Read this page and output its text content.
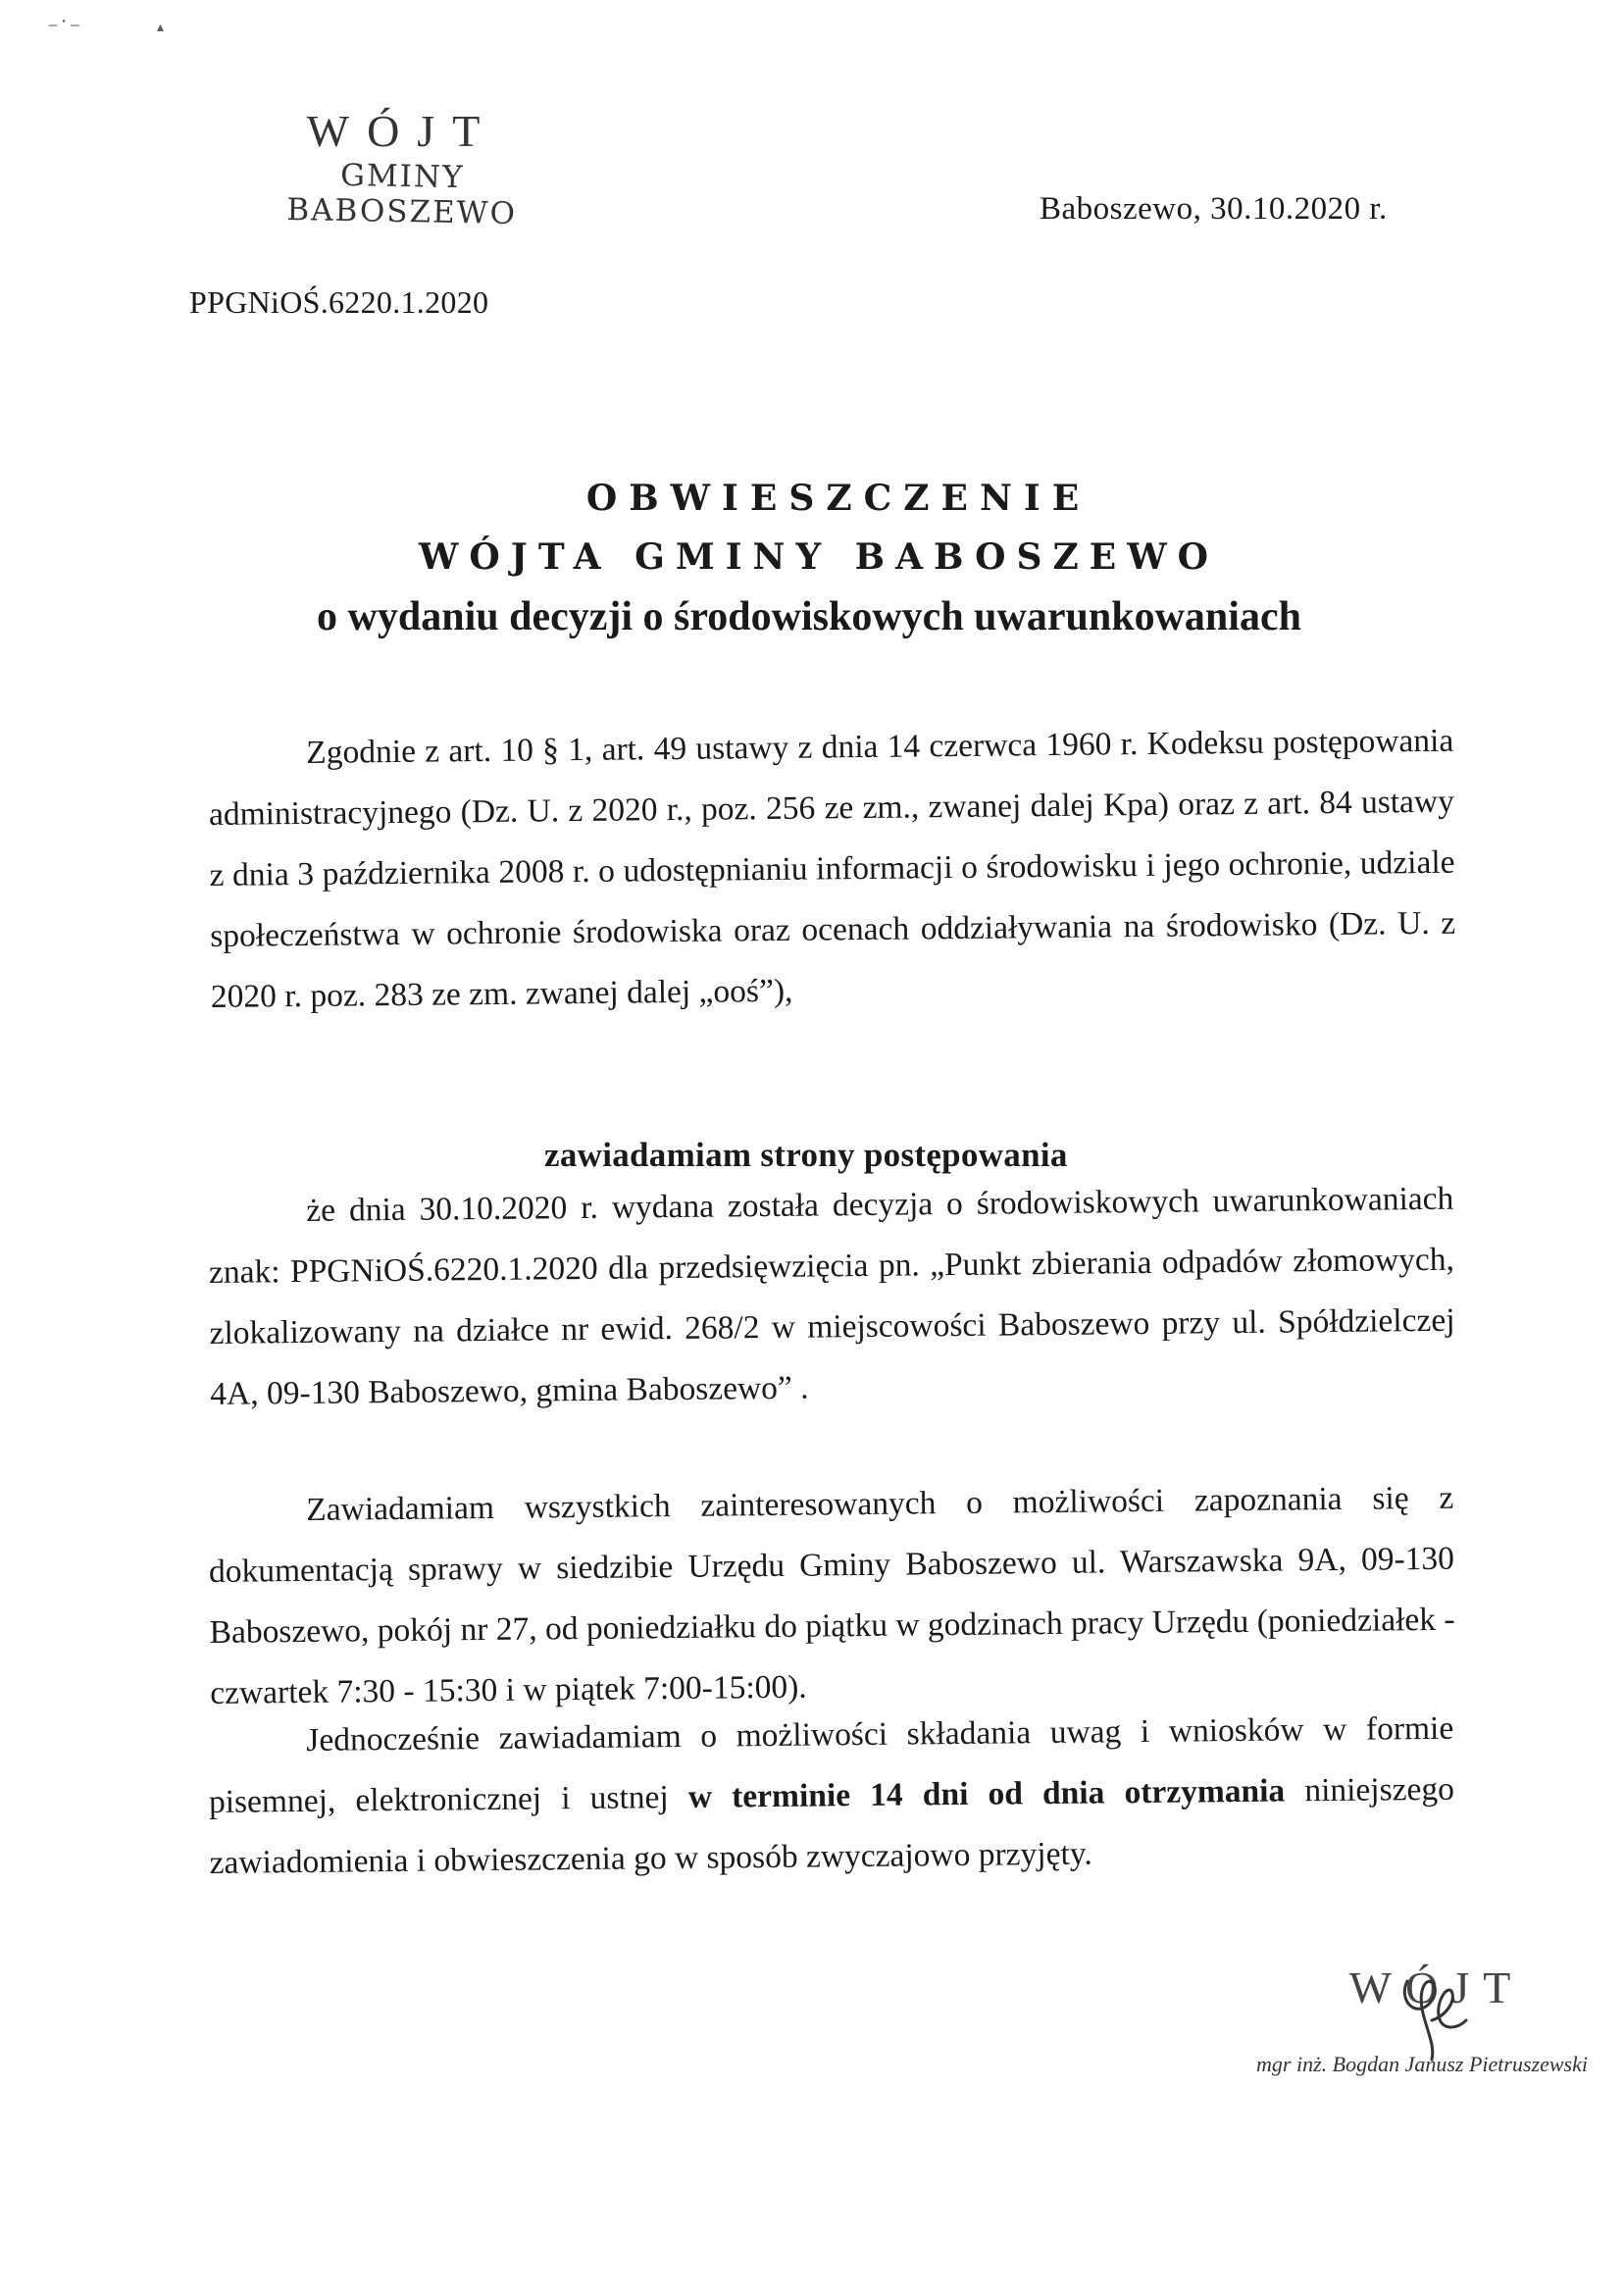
⁻˙⁻	▴
WÓJT
GMINY BABOSZEWO	Baboszewo, 30.10.2020 r.
PPGNiOŚ.6220.1.2020
OBWIESZCZENIE
WÓJTA GMINY BABOSZEWO
o wydaniu decyzji o środowiskowych uwarunkowaniach
Zgodnie z art. 10 § 1, art. 49 ustawy z dnia 14 czerwca 1960 r. Kodeksu postępowania administracyjnego (Dz. U. z 2020 r., poz. 256 ze zm., zwanej dalej Kpa) oraz z art. 84 ustawy z dnia 3 października 2008 r. o udostępnianiu informacji o środowisku i jego ochronie, udziale społeczeństwa w ochronie środowiska oraz ocenach oddziaływania na środowisko (Dz. U. z 2020 r. poz. 283 ze zm. zwanej dalej „ooś”),
zawiadamiam strony postępowania
że dnia 30.10.2020 r. wydana została decyzja o środowiskowych uwarunkowaniach znak: PPGNiOŚ.6220.1.2020 dla przedsięwzięcia pn. „Punkt zbierania odpadów złomowych, zlokalizowany na działce nr ewid. 268/2 w miejscowości Baboszewo przy ul. Spółdzielczej 4A, 09-130 Baboszewo, gmina Baboszewo” .
Zawiadamiam wszystkich zainteresowanych o możliwości zapoznania się z dokumentacją sprawy w siedzibie Urzędu Gminy Baboszewo ul. Warszawska 9A, 09-130 Baboszewo, pokój nr 27, od poniedziałku do piątku w godzinach pracy Urzędu (poniedziałek - czwartek 7:30 - 15:30 i w piątek 7:00-15:00).
Jednocześnie zawiadamiam o możliwości składania uwag i wniosków w formie pisemnej, elektronicznej i ustnej w terminie 14 dni od dnia otrzymania niniejszego zawiadomienia i obwieszczenia go w sposób zwyczajowo przyjęty.
WÓJT
mgr inż. Bogdan Janusz Pietruszewski
